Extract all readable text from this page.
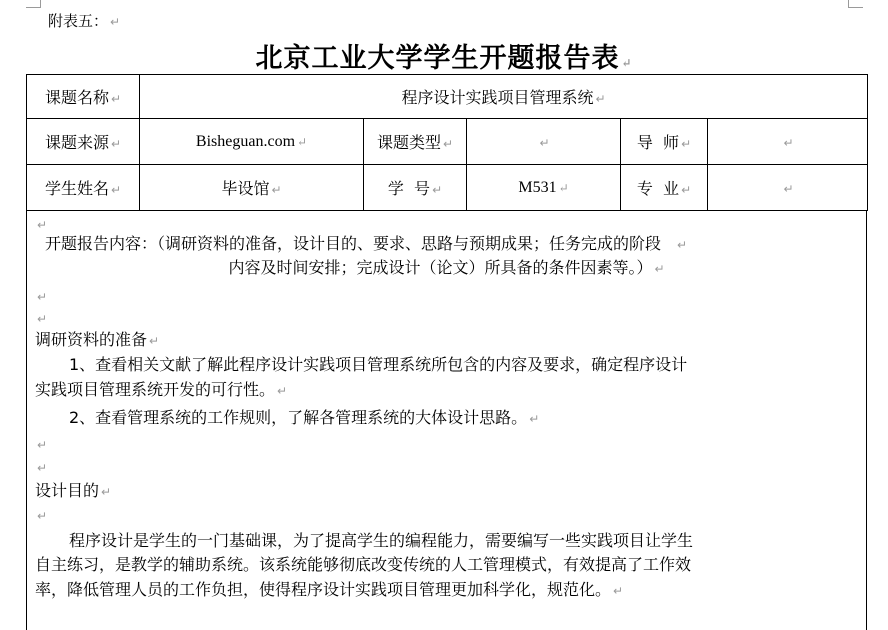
附表五： ↵
北京工业大学学生开题报告表 ↵
课题名称 ↵	程序设计实践项目管理系统 ↵
课题来源 ↵	Bisheguan.com ↵	课题类型 ↵	↵	导  师 ↵	↵
学生姓名 ↵	毕设馆 ↵	学  号 ↵	M531 ↵	专  业 ↵	↵
↵
开题报告内容：（调研资料的准备，设计目的、要求、思路与预期成果；任务完成的阶段 ↵
内容及时间安排；完成设计（论文）所具备的条件因素等。） ↵
↵
↵
调研资料的准备 ↵
1、查看相关文献了解此程序设计实践项目管理系统所包含的内容及要求，确定程序设计
实践项目管理系统开发的可行性。 ↵
2、查看管理系统的工作规则，了解各管理系统的大体设计思路。 ↵
↵
↵
设计目的 ↵
↵
程序设计是学生的一门基础课，为了提高学生的编程能力，需要编写一些实践项目让学生
自主练习，是教学的辅助系统。该系统能够彻底改变传统的人工管理模式，有效提高了工作效
率，降低管理人员的工作负担，使得程序设计实践项目管理更加科学化，规范化。 ↵
